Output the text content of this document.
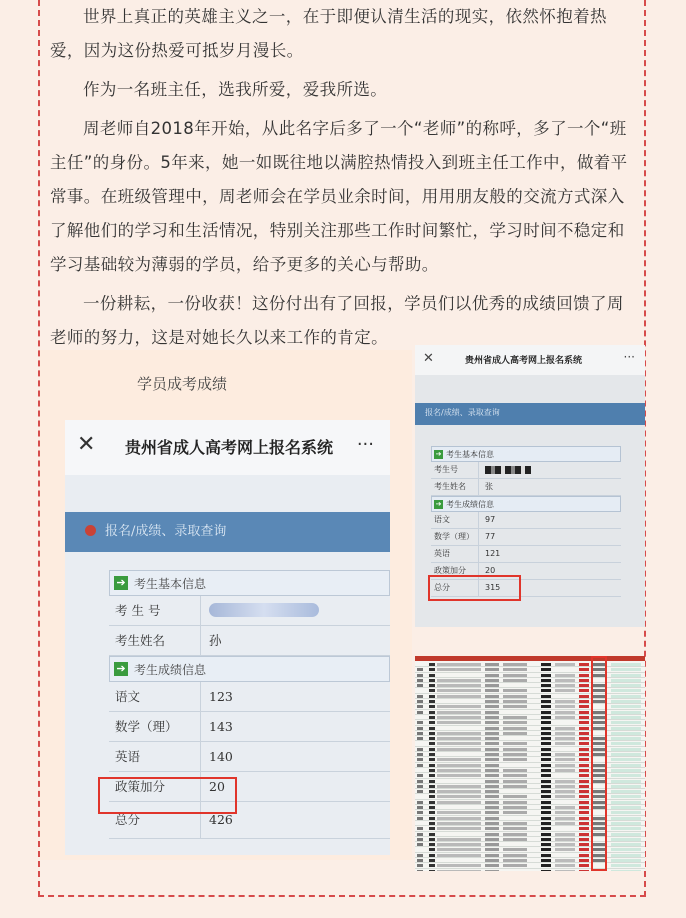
世界上真正的英雄主义之一，在于即便认清生活的现实，依然怀抱着热爱，因为这份热爱可抵岁月漫长。

作为一名班主任，选我所爱，爱我所选。

周老师自2018年开始，从此名字后多了一个“老师”的称呼，多了一个“班主任”的身份。5年来，她一如既往地以满腔热情投入到班主任工作中，做着平常事。在班级管理中，周老师会在学员业余时间，用用朋友般的交流方式深入了解他们的学习和生活情况，特别关注那些工作时间繁忙，学习时间不稳定和学习基础较为薄弱的学员，给予更多的关心与帮助。

一份耕耘，一份收获！这份付出有了回报，学员们以优秀的成绩回馈了周老师的努力，这是对她长久以来工作的肯定。

学员成考成绩
✕ 贵州省成人高考网上报名系统 ···
报名/成绩、录取查询
➔ 考生基本信息
考 生 号
考生姓名	孙
➔ 考生成绩信息
语文	123
数学（理）	143
英语	140
政策加分	20
总分	426
✕	贵州省成人高考网上报名系统	···
报名/成绩、录取查询
➔ 考生基本信息
考生号
考生姓名	张
➔ 考生成绩信息
语文	97
数学（理）	77
英语	121
政策加分	20
总分	315
